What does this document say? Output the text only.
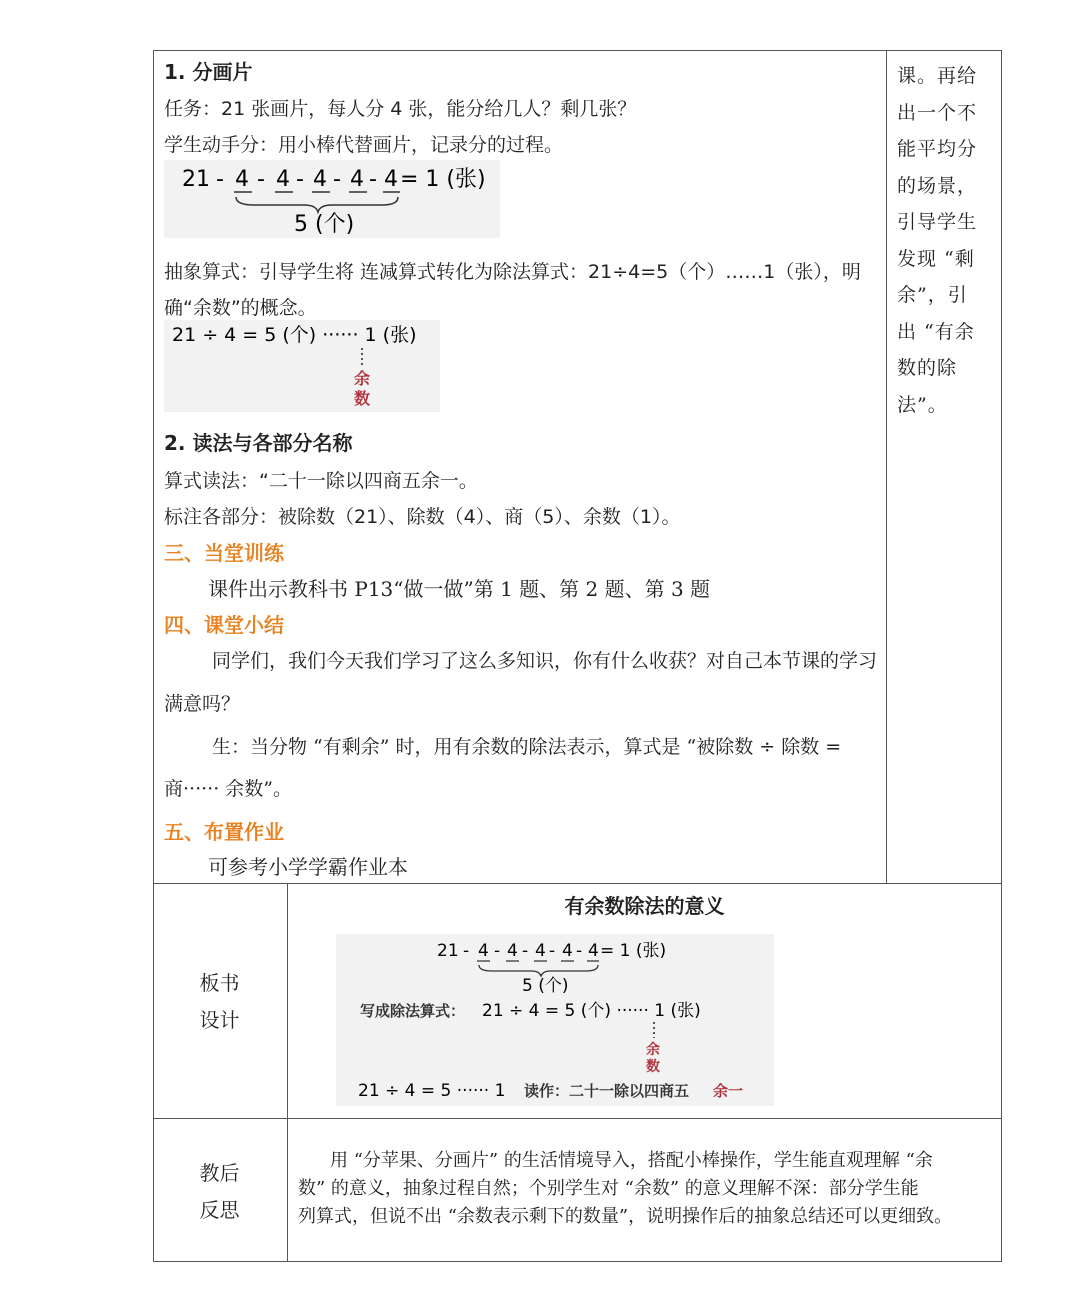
1. 分画片
任务：21 张画片，每人分 4 张，能分给几人？剩几张？
学生动手分：用小棒代替画片，记录分的过程。
21 - 4 - 4 - 4 - 4 - 4 = 1 (张)
5 (个)
抽象算式：引导学生将 连减算式转化为除法算式：21÷4=5（个）……1（张），明
确“余数”的概念。
21 ÷ 4 = 5 (个) ······ 1 (张)
余
数
2. 读法与各部分名称
算式读法：“二十一除以四商五余一。
标注各部分：被除数（21）、除数（4）、商（5）、余数（1）。
三、当堂训练
课件出示教科书 P13“做一做”第 1 题、第 2 题、第 3 题
四、课堂小结
同学们，我们今天我们学习了这么多知识，你有什么收获？对自己本节课的学习
满意吗？
生：当分物 “有剩余” 时，用有余数的除法表示，算式是 “被除数 ÷ 除数 =
商······ 余数”。
五、布置作业
可参考小学学霸作业本
课。再给
出一个不
能平均分
的场景，
引导学生
发现 “剩
余”，引
出 “有余
数的除
法”。
板书
设计
有余数除法的意义
21 - 4 - 4 - 4 - 4 - 4 = 1 (张)
5 (个)
写成除法算式： 21 ÷ 4 = 5 (个) ······ 1 (张)
余
数
21 ÷ 4 = 5 ······ 1 读作：二十一除以四商五 余一
教后
反思
用 “分苹果、分画片” 的生活情境导入，搭配小棒操作，学生能直观理解 “余
数” 的意义，抽象过程自然；个别学生对 “余数” 的意义理解不深：部分学生能
列算式，但说不出 “余数表示剩下的数量”，说明操作后的抽象总结还可以更细致。
